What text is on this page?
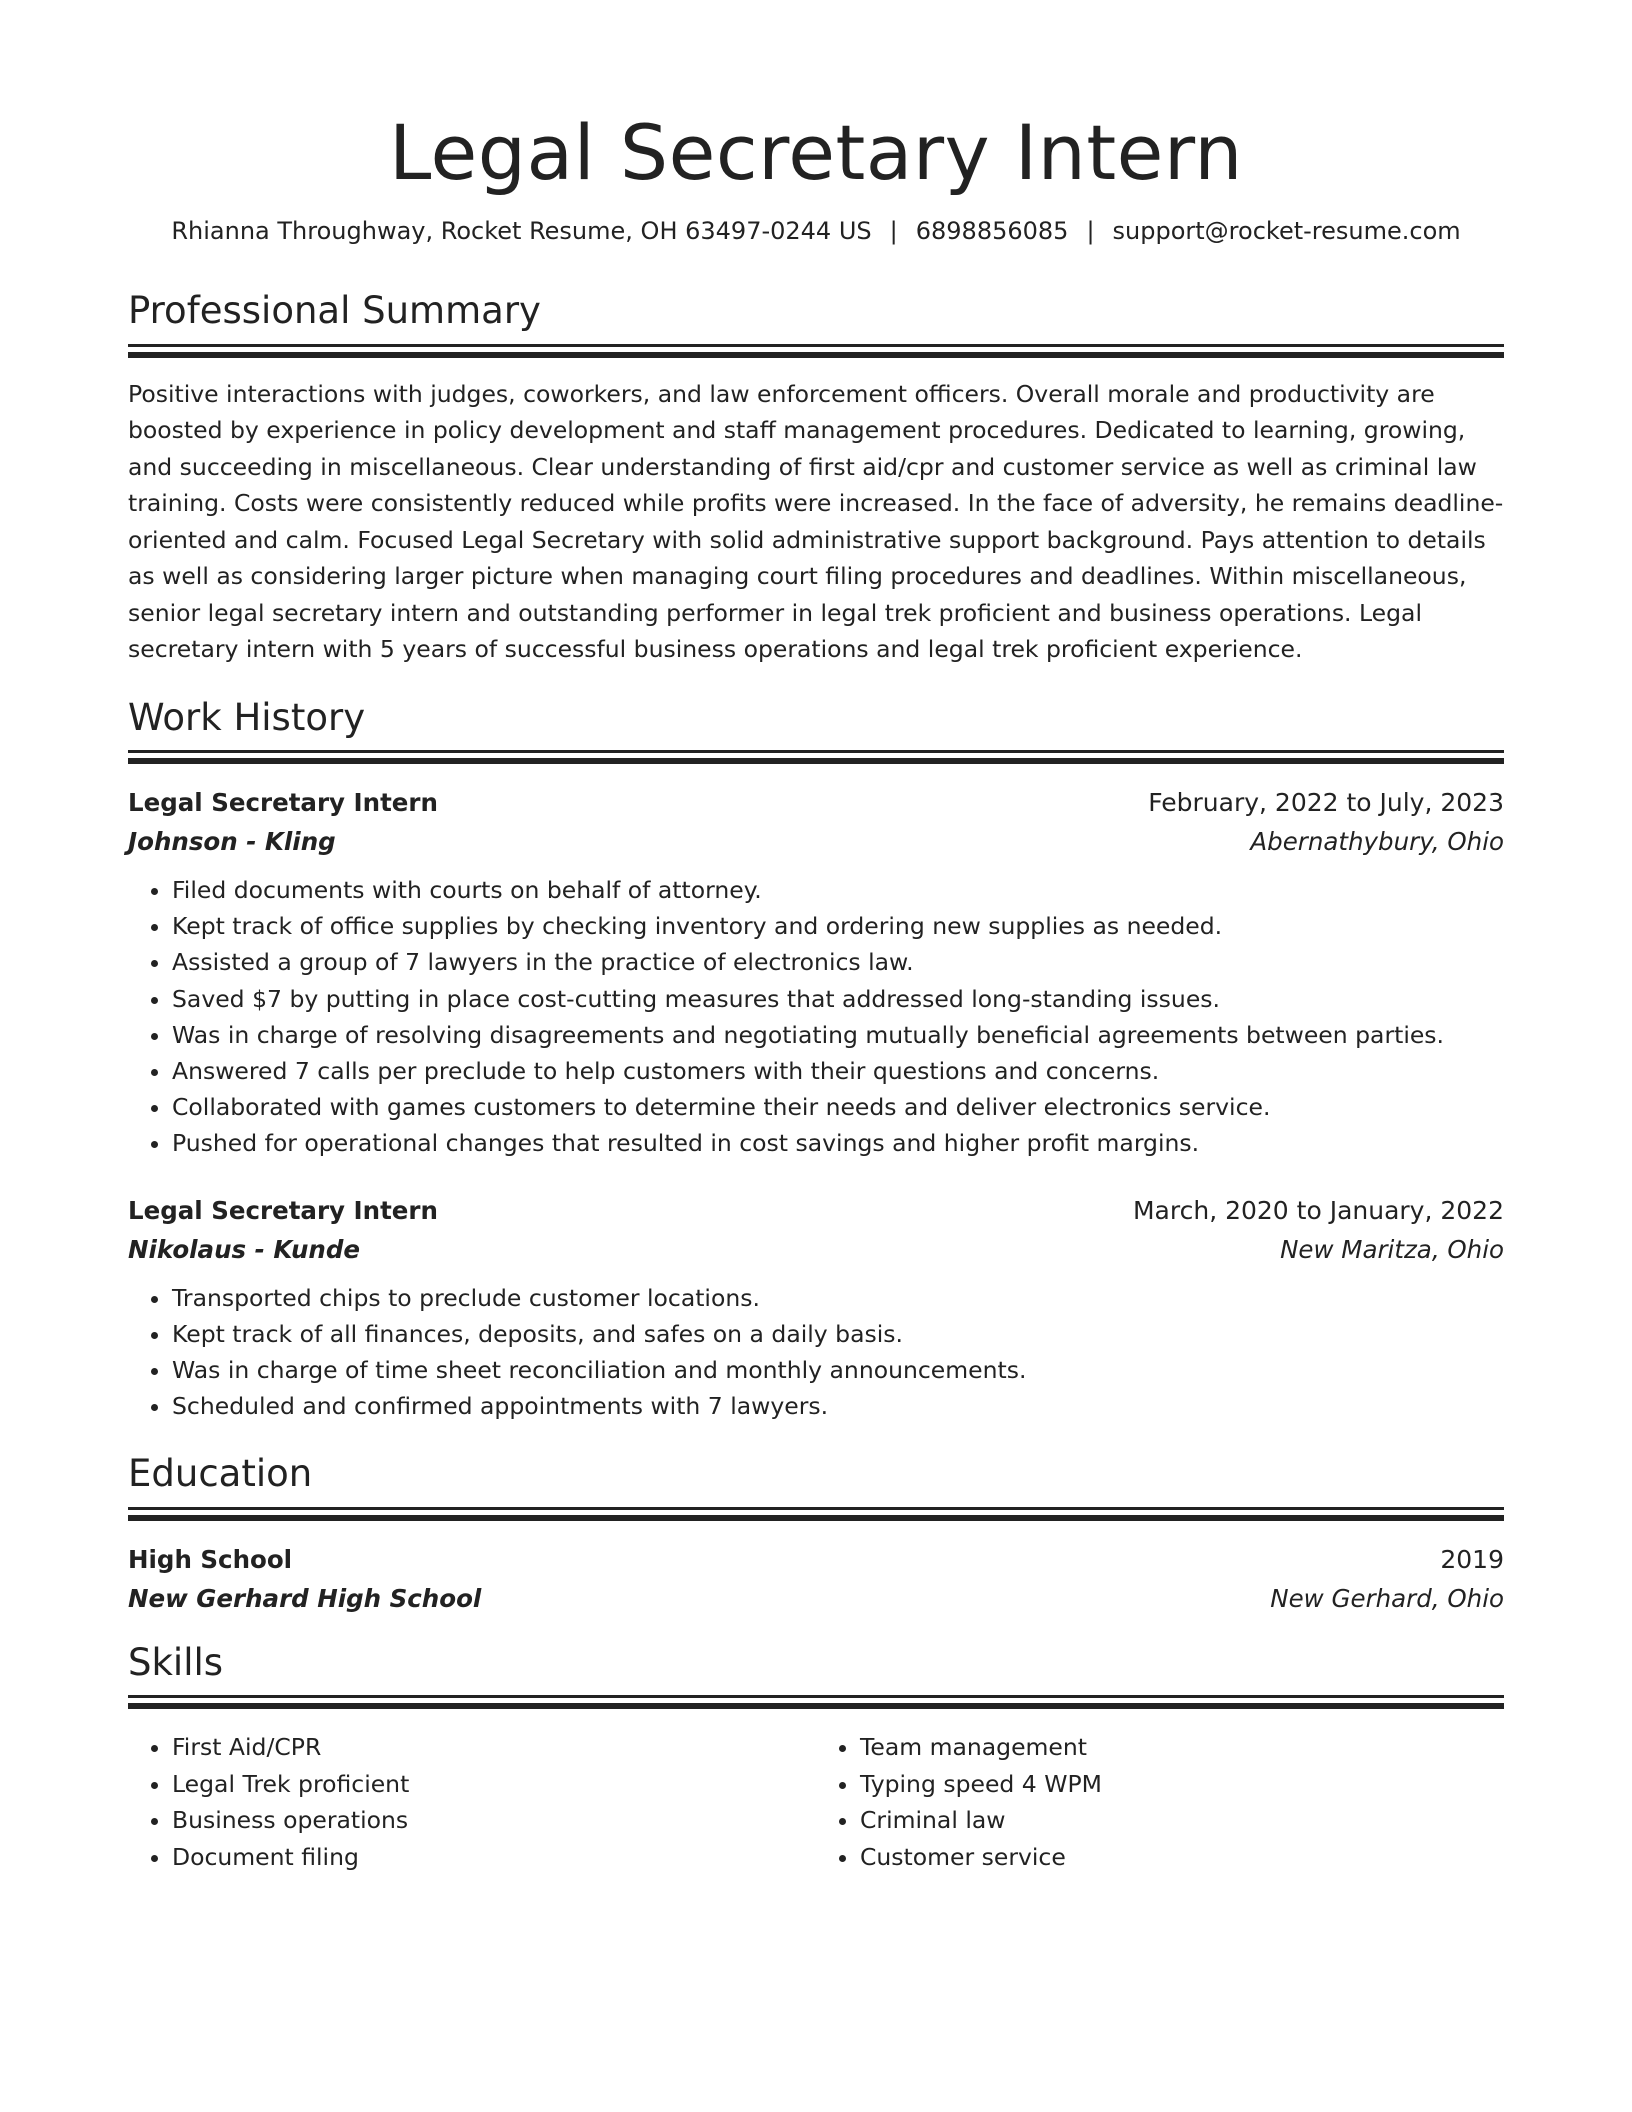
Legal Secretary Intern
Rhianna Throughway, Rocket Resume, OH 63497-0244 US | 6898856085 | support@rocket-resume.com
Professional Summary
Positive interactions with judges, coworkers, and law enforcement officers. Overall morale and productivity are boosted by experience in policy development and staff management procedures. Dedicated to learning, growing, and succeeding in miscellaneous. Clear understanding of first aid/cpr and customer service as well as criminal law training. Costs were consistently reduced while profits were increased. In the face of adversity, he remains deadline-oriented and calm. Focused Legal Secretary with solid administrative support background. Pays attention to details as well as considering larger picture when managing court filing procedures and deadlines. Within miscellaneous, senior legal secretary intern and outstanding performer in legal trek proficient and business operations. Legal secretary intern with 5 years of successful business operations and legal trek proficient experience.
Work History
Legal Secretary Intern	February, 2022 to July, 2023
Johnson - Kling	Abernathybury, Ohio
• Filed documents with courts on behalf of attorney.
• Kept track of office supplies by checking inventory and ordering new supplies as needed.
• Assisted a group of 7 lawyers in the practice of electronics law.
• Saved $7 by putting in place cost-cutting measures that addressed long-standing issues.
• Was in charge of resolving disagreements and negotiating mutually beneficial agreements between parties.
• Answered 7 calls per preclude to help customers with their questions and concerns.
• Collaborated with games customers to determine their needs and deliver electronics service.
• Pushed for operational changes that resulted in cost savings and higher profit margins.
Legal Secretary Intern	March, 2020 to January, 2022
Nikolaus - Kunde	New Maritza, Ohio
• Transported chips to preclude customer locations.
• Kept track of all finances, deposits, and safes on a daily basis.
• Was in charge of time sheet reconciliation and monthly announcements.
• Scheduled and confirmed appointments with 7 lawyers.
Education
High School	2019
New Gerhard High School	New Gerhard, Ohio
Skills
• First Aid/CPR
• Legal Trek proficient
• Business operations
• Document filing
• Team management
• Typing speed 4 WPM
• Criminal law
• Customer service
